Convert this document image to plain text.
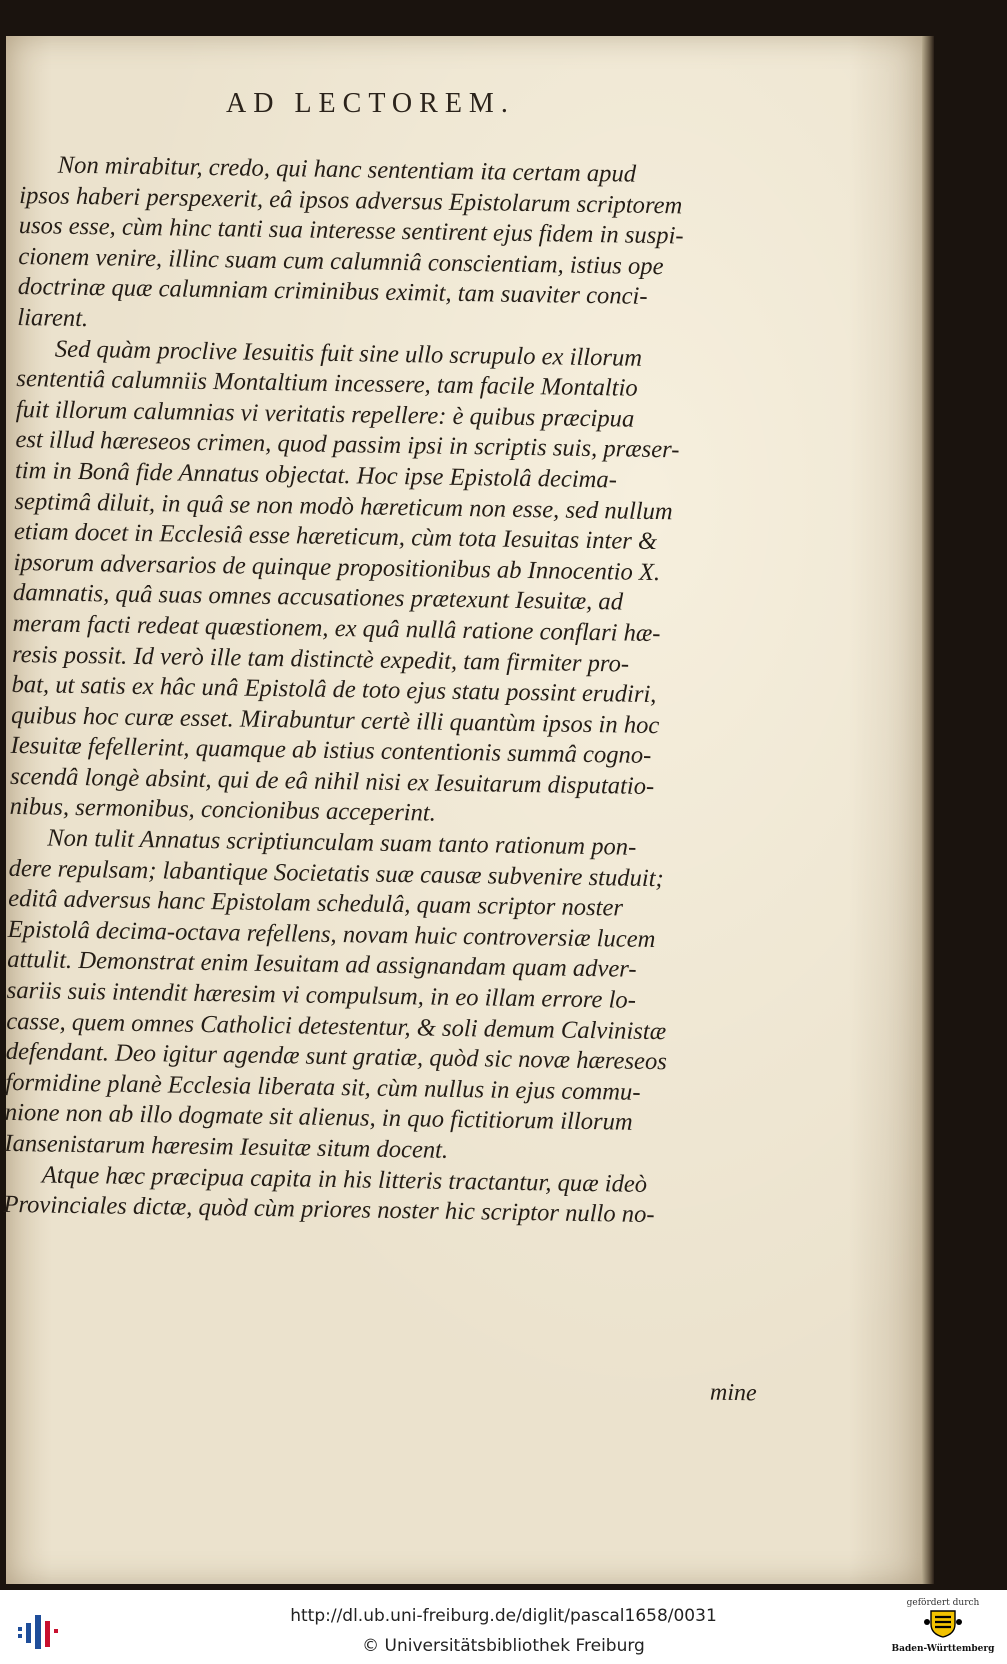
AD LECTOREM.

Non mirabitur, credo, qui hanc sententiam ita certam apud
ipsos haberi perspexerit, eâ ipsos adversus Epistolarum scriptorem
usos esse, cùm hinc tanti sua interesse sentirent ejus fidem in suspi-
cionem venire, illinc suam cum calumniâ conscientiam, istius ope
doctrinæ quæ calumniam criminibus eximit, tam suaviter conci-
liarent.

Sed quàm proclive Iesuitis fuit sine ullo scrupulo ex illorum
sententiâ calumniis Montaltium incessere, tam facile Montaltio
fuit illorum calumnias vi veritatis repellere: è quibus præcipua
est illud hæreseos crimen, quod passim ipsi in scriptis suis, præser-
tim in Bonâ fide Annatus objectat. Hoc ipse Epistolâ decima-
septimâ diluit, in quâ se non modò hæreticum non esse, sed nullum
etiam docet in Ecclesiâ esse hæreticum, cùm tota Iesuitas inter &
ipsorum adversarios de quinque propositionibus ab Innocentio X.
damnatis, quâ suas omnes accusationes prætexunt Iesuitæ, ad
meram facti redeat quæstionem, ex quâ nullâ ratione conflari hæ-
resis possit. Id verò ille tam distinctè expedit, tam firmiter pro-
bat, ut satis ex hâc unâ Epistolâ de toto ejus statu possint erudiri,
quibus hoc curæ esset. Mirabuntur certè illi quantùm ipsos in hoc
Iesuitæ fefellerint, quamque ab istius contentionis summâ cogno-
scendâ longè absint, qui de eâ nihil nisi ex Iesuitarum disputatio-
nibus, sermonibus, concionibus acceperint.

Non tulit Annatus scriptiunculam suam tanto rationum pon-
dere repulsam; labantique Societatis suæ causæ subvenire studuit;
editâ adversus hanc Epistolam schedulâ, quam scriptor noster
Epistolâ decima-octava refellens, novam huic controversiæ lucem
attulit. Demonstrat enim Iesuitam ad assignandam quam adver-
sariis suis intendit hæresim vi compulsum, in eo illam errore lo-
casse, quem omnes Catholici detestentur, & soli demum Calvinistæ
defendant. Deo igitur agendæ sunt gratiæ, quòd sic novæ hæreseos
formidine planè Ecclesia liberata sit, cùm nullus in ejus commu-
nione non ab illo dogmate sit alienus, in quo fictitiorum illorum
Iansenistarum hæresim Iesuitæ situm docent.

Atque hæc præcipua capita in his litteris tractantur, quæ ideò
Provinciales dictæ, quòd cùm priores noster hic scriptor nullo no-

mine
http://dl.ub.uni-freiburg.de/diglit/pascal1658/0031
© Universitätsbibliothek Freiburg
gefördert durch
Baden-Württemberg
